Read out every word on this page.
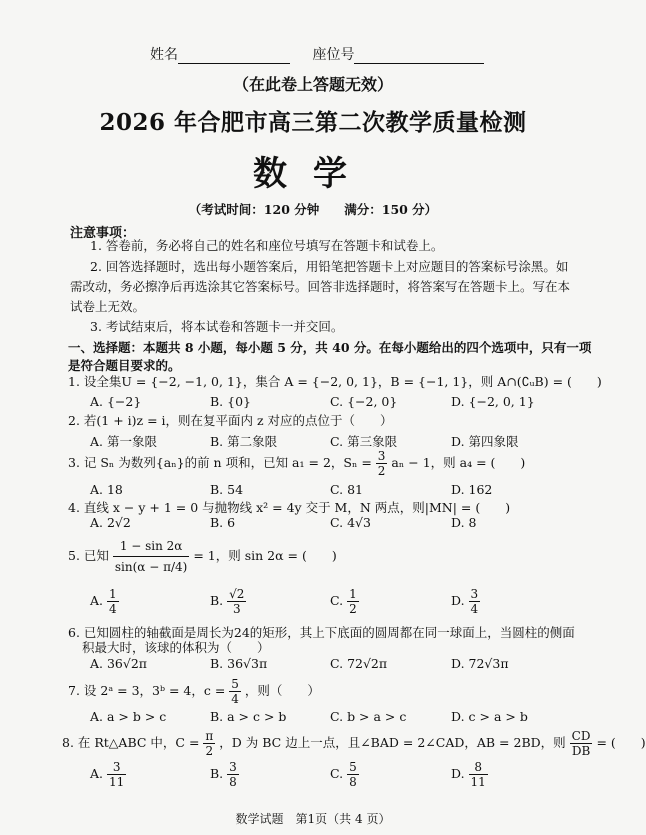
姓名	座位号
（在此卷上答题无效）
2026 年合肥市高三第二次教学质量检测
数学
（考试时间：120 分钟　　满分：150 分）
注意事项：
1. 答卷前，务必将自己的姓名和座位号填写在答题卡和试卷上。
2. 回答选择题时，选出每小题答案后，用铅笔把答题卡上对应题目的答案标号涂黑。如
需改动，务必擦净后再选涂其它答案标号。回答非选择题时，将答案写在答题卡上。写在本
试卷上无效。
3. 考试结束后，将本试卷和答题卡一并交回。
一、选择题：本题共 8 小题，每小题 5 分，共 40 分。在每小题给出的四个选项中，只有一项
是符合题目要求的。
1. 设全集U = {−2, −1, 0, 1}，集合 A = {−2, 0, 1}，B = {−1, 1}，则 A∩(∁ᵤB) = (　　)
A. {−2}	B. {0}	C. {−2, 0}	D. {−2, 0, 1}
2. 若(1 + i)z = i，则在复平面内 z 对应的点位于（　　）
A. 第一象限	B. 第二象限	C. 第三象限	D. 第四象限
3. 记 Sₙ 为数列{aₙ}的前 n 项和，已知 a₁ = 2，$S_n = \frac{3}{2}$ aₙ − 1，则 a₄ = (　　)
A. 18	B. 54	C. 81	D. 162
4. 直线 x − y + 1 = 0 与抛物线 x² = 4y 交于 M，N 两点，则|MN| = (　　)
A. 2√2	B. 6	C. 4√3	D. 8
5. 已知 $\frac{1 - \sin 2\alpha}{\sin(\alpha - \pi/4)} = 1$，则 sin 2α = (　　)
A. $\frac{1}{4}$	B. $\frac{√2}{3}$	C. $\frac{1}{2}$	D. $\frac{3}{4}$
6. 已知圆柱的轴截面是周长为24的矩形，其上下底面的圆周都在同一球面上，当圆柱的侧面
积最大时，该球的体积为（　　）
A. 36√2π	B. 36√3π	C. 72√2π	D. 72√3π
7. 设 2ᵃ = 3，3ᵇ = 4，$c = \frac{5}{4}$ ，则（　　）
A. a > b > c	B. a > c > b	C. b > a > c	D. c > a > b
8. 在 Rt△ABC 中，$C = \frac{\pi}{2}$ ，D 为 BC 边上一点，且∠BAD = 2∠CAD，AB = 2BD，则 $\frac{CD}{DB}$ = (　　)
A. $\frac{3}{11}$	B. $\frac{3}{8}$	C. $\frac{5}{8}$	D. $\frac{8}{11}$
数学试题　第1页（共 4 页）
